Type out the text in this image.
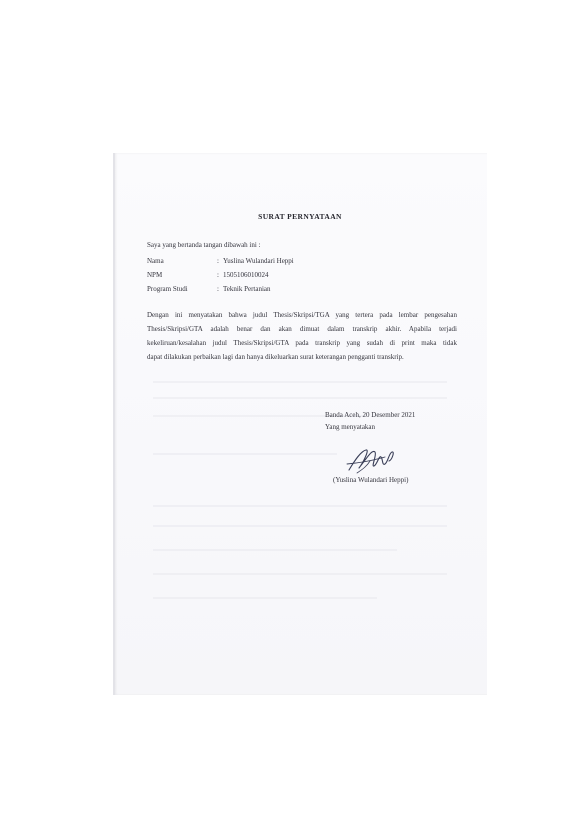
SURAT PERNYATAAN
Saya yang bertanda tangan dibawah ini :
Nama	: Yuslina Wulandari Heppi
NPM	: 1505106010024
Program Studi	: Teknik Pertanian
Dengan ini menyatakan bahwa judul Thesis/Skripsi/TGA yang tertera pada lembar pengesahan
Thesis/Skripsi/GTA adalah benar dan akan dimuat dalam transkrip akhir. Apabila terjadi
kekeliruan/kesalahan judul Thesis/Skripsi/GTA pada transkrip yang sudah di print maka tidak
dapat dilakukan perbaikan lagi dan hanya dikeluarkan surat keterangan pengganti transkrip.
Banda Aceh, 20 Desember 2021
Yang menyatakan
(Yuslina Wulandari Heppi)
